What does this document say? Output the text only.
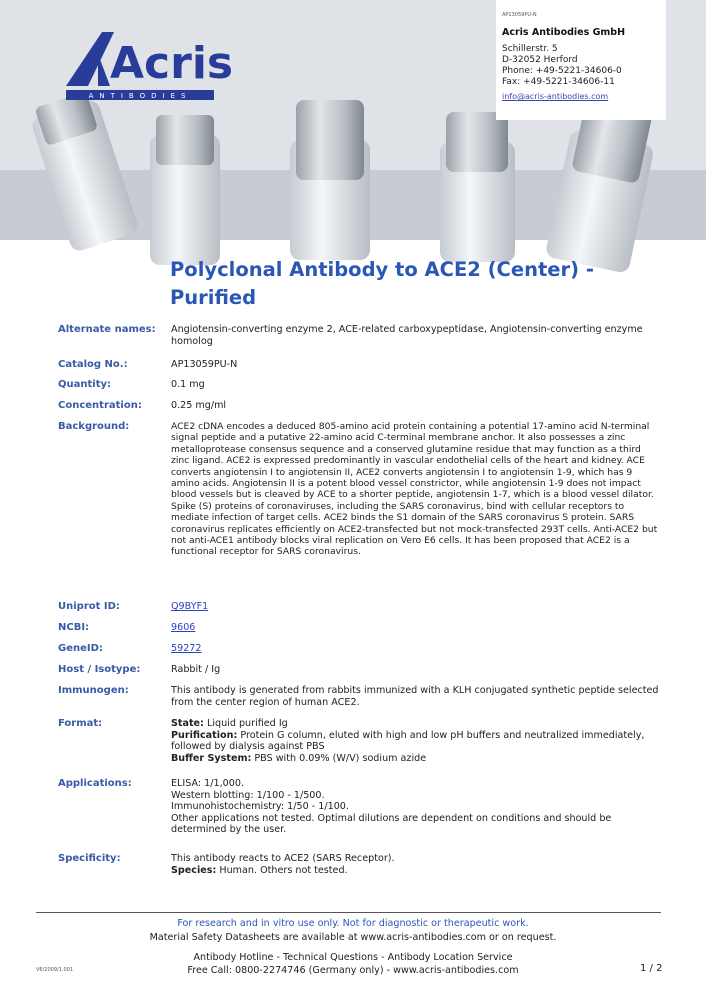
Acris
ANTIBODIES
AP13059PU-N
Acris Antibodies GmbH
Schillerstr. 5
D-32052 Herford
Phone: +49-5221-34606-0
Fax: +49-5221-34606-11
info@acris-antibodies.com
Polyclonal Antibody to ACE2 (Center) - Purified
Alternate names:	Angiotensin-converting enzyme 2, ACE-related carboxypeptidase, Angiotensin-converting enzyme homolog
Catalog No.:	AP13059PU-N
Quantity:	0.1 mg
Concentration:	0.25 mg/ml
Background:	ACE2 cDNA encodes a deduced 805-amino acid protein containing a potential 17-amino acid N-terminal signal peptide and a putative 22-amino acid C-terminal membrane anchor. It also possesses a zinc metalloprotease consensus sequence and a conserved glutamine residue that may function as a third zinc ligand. ACE2 is expressed predominantly in vascular endothelial cells of the heart and kidney. ACE converts angiotensin I to angiotensin II, ACE2 converts angiotensin I to angiotensin 1-9, which has 9 amino acids. Angiotensin II is a potent blood vessel constrictor, while angiotensin 1-9 does not impact blood vessels but is cleaved by ACE to a shorter peptide, angiotensin 1-7, which is a blood vessel dilator. Spike (S) proteins of coronaviruses, including the SARS coronavirus, bind with cellular receptors to mediate infection of target cells. ACE2 binds the S1 domain of the SARS coronavirus S protein. SARS coronavirus replicates efficiently on ACE2-transfected but not mock-transfected 293T cells. Anti-ACE2 but not anti-ACE1 antibody blocks viral replication on Vero E6 cells. It has been proposed that ACE2 is a functional receptor for SARS coronavirus.
Uniprot ID:	Q9BYF1
NCBI:	9606
GeneID:	59272
Host / Isotype:	Rabbit / Ig
Immunogen:	This antibody is generated from rabbits immunized with a KLH conjugated synthetic peptide selected from the center region of human ACE2.
Format:	State: Liquid purified Ig
Purification: Protein G column, eluted with high and low pH buffers and neutralized immediately, followed by dialysis against PBS
Buffer System: PBS with 0.09% (W/V) sodium azide
Applications:	ELISA: 1/1,000.
Western blotting: 1/100 - 1/500.
Immunohistochemistry: 1/50 - 1/100.
Other applications not tested. Optimal dilutions are dependent on conditions and should be determined by the user.
Specificity:	This antibody reacts to ACE2 (SARS Receptor).
Species: Human. Others not tested.
For research and in vitro use only. Not for diagnostic or therapeutic work.
Material Safety Datasheets are available at www.acris-antibodies.com or on request.
Antibody Hotline - Technical Questions - Antibody Location Service
Free Call: 0800-2274746 (Germany only) - www.acris-antibodies.com
V6/2009/1.001	1 / 2
